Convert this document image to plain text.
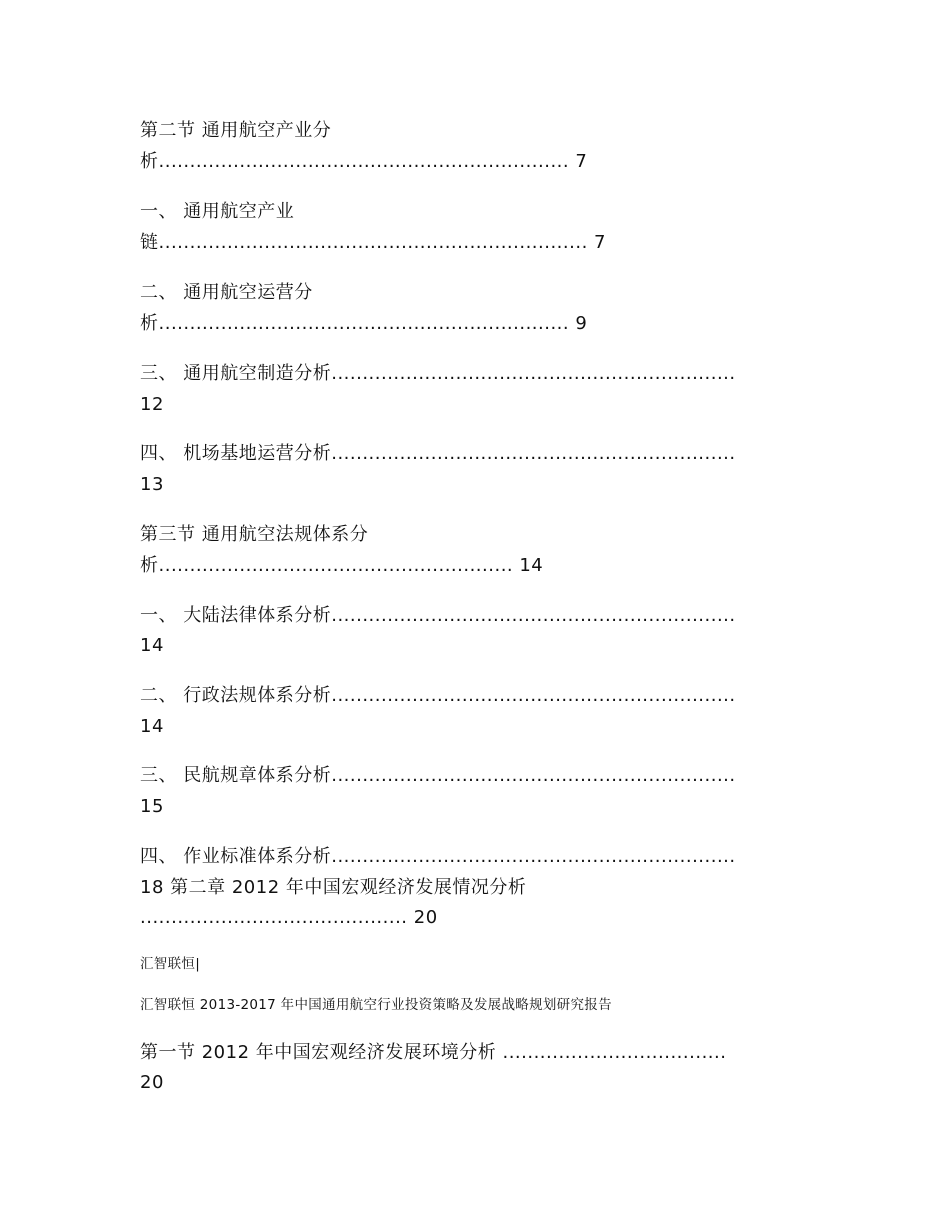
第二节 通用航空产业分
析.................................................................. 7
一、 通用航空产业
链..................................................................... 7
二、 通用航空运营分
析.................................................................. 9
三、 通用航空制造分析.................................................................
12
四、 机场基地运营分析.................................................................
13
第三节 通用航空法规体系分
析......................................................... 14
一、 大陆法律体系分析.................................................................
14
二、 行政法规体系分析.................................................................
14
三、 民航规章体系分析.................................................................
15
四、 作业标准体系分析.................................................................
18 第二章 2012 年中国宏观经济发展情况分析
........................................... 20
汇智联恒|
汇智联恒 2013-2017 年中国通用航空行业投资策略及发展战略规划研究报告
第一节 2012 年中国宏观经济发展环境分析 ....................................
20
